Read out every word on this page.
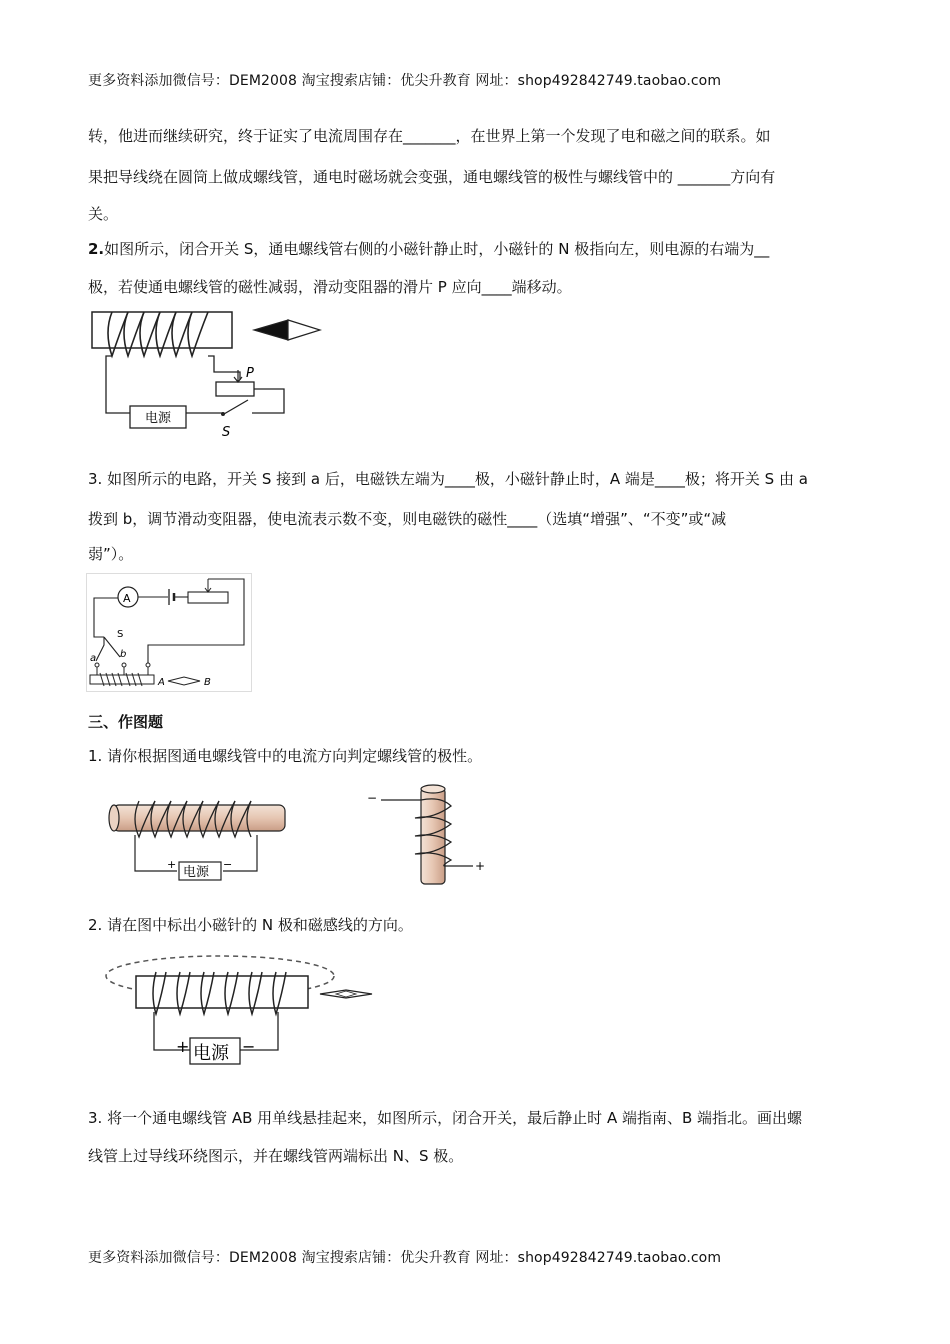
更多资料添加微信号：DEM2008 淘宝搜索店铺：优尖升教育 网址：shop492842749.taobao.com
转，他进而继续研究，终于证实了电流周围存在_______，在世界上第一个发现了电和磁之间的联系。如
果把导线绕在圆筒上做成螺线管，通电时磁场就会变强，通电螺线管的极性与螺线管中的 _______方向有
关。
2.如图所示，闭合开关 S，通电螺线管右侧的小磁针静止时，小磁针的 N 极指向左，则电源的右端为__
极，若使通电螺线管的磁性减弱，滑动变阻器的滑片 P 应向____端移动。
P
电源
S
3. 如图所示的电路，开关 S 接到 a 后，电磁铁左端为____极，小磁针静止时，A 端是____极；将开关 S 由 a
拨到 b，调节滑动变阻器，使电流表示数不变，则电磁铁的磁性____（选填“增强”、“不变”或“减
弱”）。
A
S
a b
A	B
三、作图题
1. 请你根据图通电螺线管中的电流方向判定螺线管的极性。
电源
+	−
−
+
2. 请在图中标出小磁针的 N 极和磁感线的方向。
电源
+	−
3. 将一个通电螺线管 AB 用单线悬挂起来，如图所示，闭合开关，最后静止时 A 端指南、B 端指北。画出螺
线管上过导线环绕图示，并在螺线管两端标出 N、S 极。
更多资料添加微信号：DEM2008 淘宝搜索店铺：优尖升教育 网址：shop492842749.taobao.com
